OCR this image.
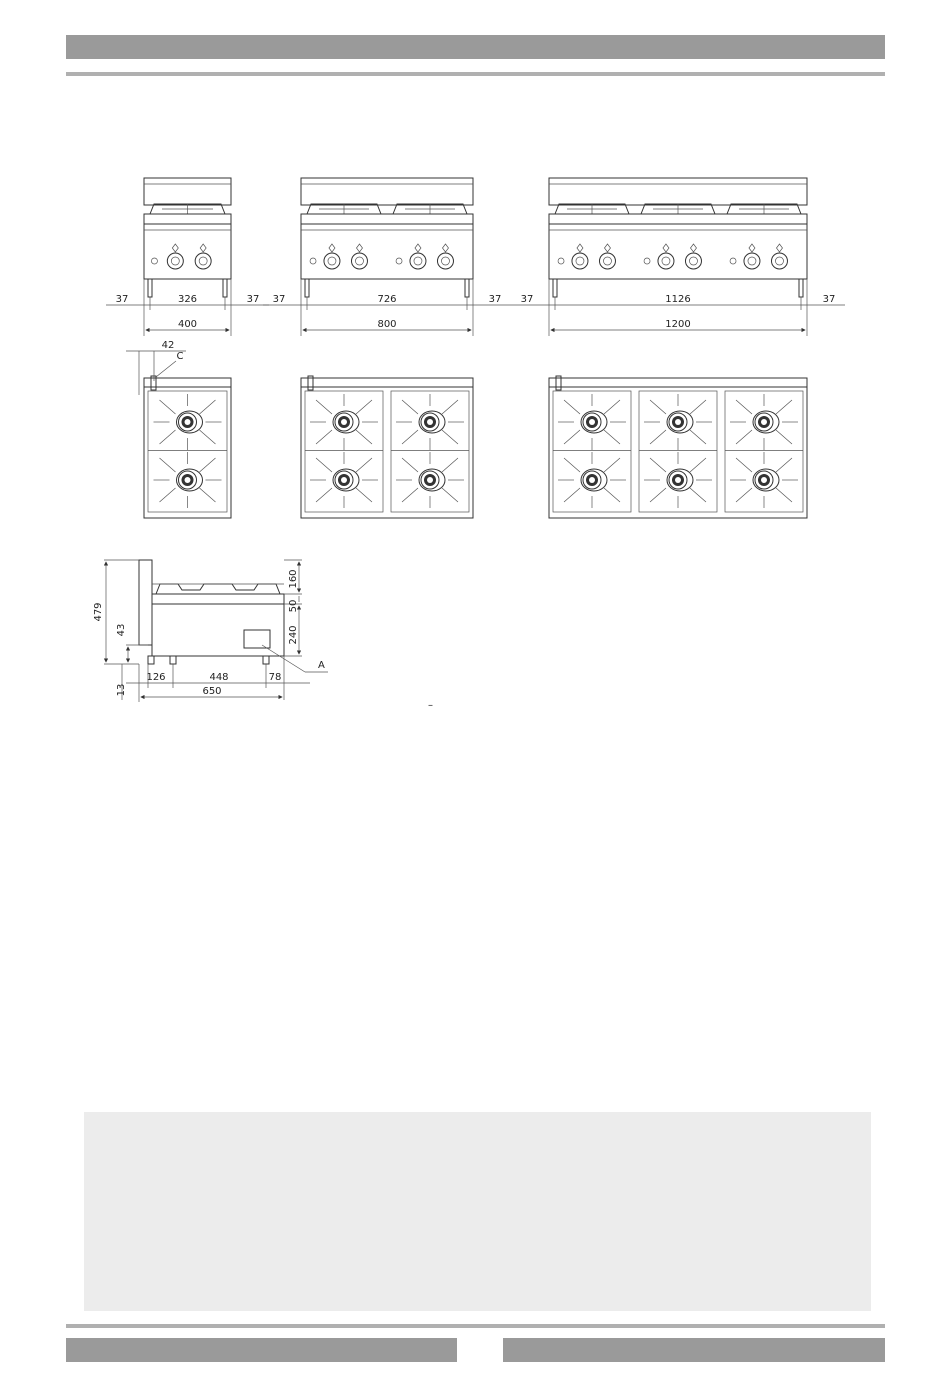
326
400
37	37	726
800
37	37	1126
1200
37	37
42
C
A
479
43
13
160
50
240
126	448	78
650
–
